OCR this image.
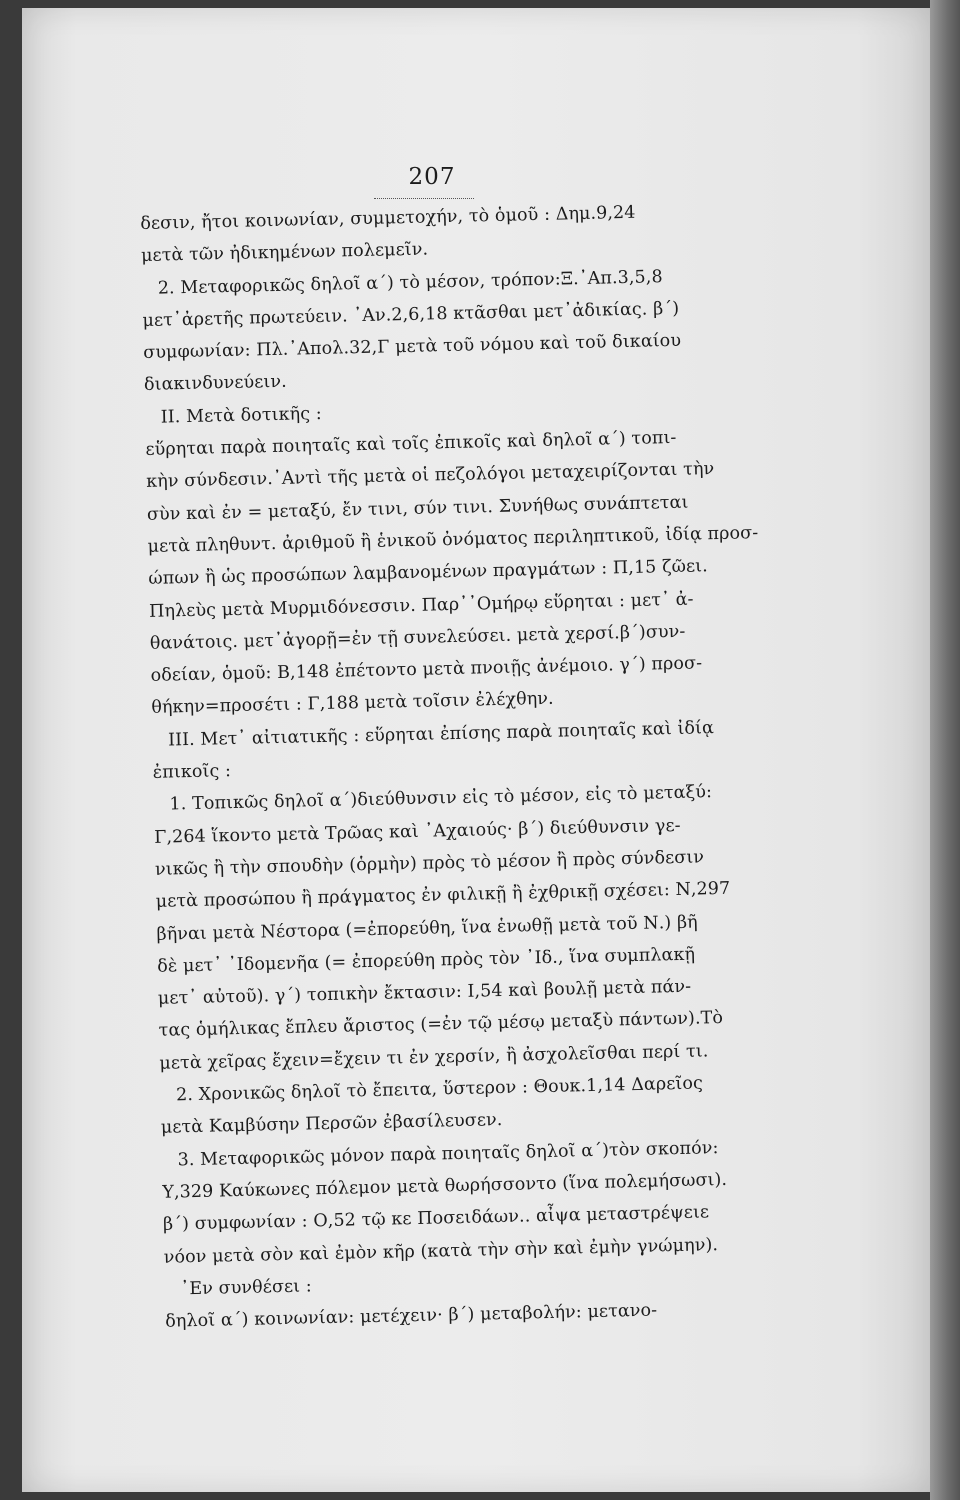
207
δεσιν, ἤτοι κοινωνίαν, συμμετοχήν, τὸ ὁμοῦ : Δημ.9,24
μετὰ τῶν ἠδικημένων πολεμεῖν.
2. Μεταφορικῶς δηλοῖ α΄) τὸ μέσον, τρόπον:Ξ.᾽Απ.3,5,8
μετ᾽ἀρετῆς πρωτεύειν. ᾽Αν.2,6,18 κτᾶσθαι μετ᾽ἀδικίας. β΄)
συμφωνίαν: Πλ.᾽Απολ.32,Γ μετὰ τοῦ νόμου καὶ τοῦ δικαίου
διακινδυνεύειν.
ΙΙ. Μετὰ δοτικῆς :
εὕρηται παρὰ ποιηταῖς καὶ τοῖς ἐπικοῖς καὶ δηλοῖ α΄) τοπι-
κὴν σύνδεσιν.᾽Αντὶ τῆς μετὰ οἱ πεζολόγοι μεταχειρίζονται τὴν
σὺν καὶ ἐν = μεταξύ, ἔν τινι, σύν τινι. Συνήθως συνάπτεται
μετὰ πληθυντ. ἀριθμοῦ ἢ ἑνικοῦ ὀνόματος περιληπτικοῦ, ἰδίᾳ προσ-
ώπων ἢ ὡς προσώπων λαμβανομένων πραγμάτων : Π,15 ζῶει.
Πηλεὺς μετὰ Μυρμιδόνεσσιν. Παρ᾽᾽Ομήρῳ εὕρηται : μετ᾽ ἀ-
θανάτοις. μετ᾽ἀγορῇ=ἐν τῇ συνελεύσει. μετὰ χερσί.β΄)συν-
οδείαν, ὁμοῦ: Β,148 ἐπέτοντο μετὰ πνοιῇς ἀνέμοιο. γ΄) προσ-
θήκην=προσέτι : Γ,188 μετὰ τοῖσιν ἐλέχθην.
ΙΙΙ. Μετ᾽ αἰτιατικῆς : εὕρηται ἐπίσης παρὰ ποιηταῖς καὶ ἰδίᾳ
ἐπικοῖς :
1. Τοπικῶς δηλοῖ α΄)διεύθυνσιν εἰς τὸ μέσον, εἰς τὸ μεταξύ:
Γ,264 ἵκοντο μετὰ Τρῶας καὶ ᾽Αχαιούς· β΄) διεύθυνσιν γε-
νικῶς ἢ τὴν σπουδὴν (ὁρμὴν) πρὸς τὸ μέσον ἢ πρὸς σύνδεσιν
μετὰ προσώπου ἢ πράγματος ἐν φιλικῇ ἢ ἐχθρικῇ σχέσει: Ν,297
βῆναι μετὰ Νέστορα (=ἐπορεύθη, ἵνα ἑνωθῇ μετὰ τοῦ Ν.) βῆ
δὲ μετ᾽ ᾽Ιδομενῆα (= ἐπορεύθη πρὸς τὸν ᾽Ιδ., ἵνα συμπλακῇ
μετ᾽ αὐτοῦ). γ΄) τοπικὴν ἔκτασιν: Ι,54 καὶ βουλῇ μετὰ πάν-
τας ὁμήλικας ἔπλευ ἄριστος (=ἐν τῷ μέσῳ μεταξὺ πάντων).Τὸ
μετὰ χεῖρας ἔχειν=ἔχειν τι ἐν χερσίν, ἢ ἀσχολεῖσθαι περί τι.
2. Χρονικῶς δηλοῖ τὸ ἔπειτα, ὕστερον : Θουκ.1,14 Δαρεῖος
μετὰ Καμβύσην Περσῶν ἐβασίλευσεν.
3. Μεταφορικῶς μόνον παρὰ ποιηταῖς δηλοῖ α΄)τὸν σκοπόν:
Υ,329 Καύκωνες πόλεμον μετὰ θωρήσσοντο (ἵνα πολεμήσωσι).
β΄) συμφωνίαν : Ο,52 τῷ κε Ποσειδάων.. αἶψα μεταστρέψειε
νόον μετὰ σὸν καὶ ἐμὸν κῆρ (κατὰ τὴν σὴν καὶ ἐμὴν γνώμην).
᾽Εν συνθέσει :
δηλοῖ α΄) κοινωνίαν: μετέχειν· β΄) μεταβολήν: μετανο-
